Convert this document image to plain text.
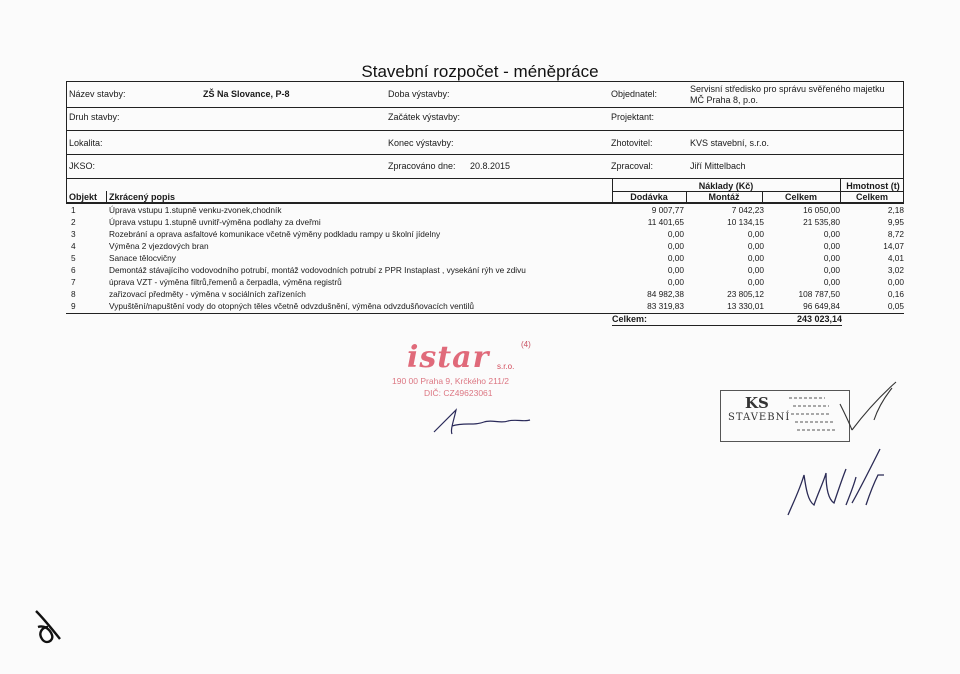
Stavební rozpočet - méněpráce
Název stavby:	ZŠ Na Slovance, P-8	Doba výstavby:	Objednatel:	Servisní středisko pro správu svěřeného majetku
MČ Praha 8, p.o.
Druh stavby:	Začátek výstavby:	Projektant:
Lokalita:	Konec výstavby:	Zhotovitel:	KVS stavební, s.r.o.
JKSO:	Zpracováno dne: 20.8.2015	Zpracoval:	Jiří Mittelbach
Náklady (Kč)	Hmotnost (t)
Objekt Zkrácený popis	Dodávka	Montáž	Celkem	Celkem
1	Úprava vstupu 1.stupně venku-zvonek,chodník	9 007,77	7 042,23	16 050,00	2,18
2	Úprava vstupu 1.stupně uvnitř-výměna podlahy za dveřmi	11 401,65	10 134,15	21 535,80	9,95
3	Rozebrání a oprava asfaltové komunikace včetně výměny podkladu rampy u školní jídelny	0,00	0,00	0,00	8,72
4	Výměna 2 vjezdových bran	0,00	0,00	0,00	14,07
5	Sanace tělocvičny	0,00	0,00	0,00	4,01
6	Demontáž stávajícího vodovodního potrubí, montáž vodovodních potrubí z PPR Instaplast , vysekání rýh ve zdivu	0,00	0,00	0,00	3,02
7	úprava VZT - výměna filtrů,řemenů a čerpadla, výměna registrů	0,00	0,00	0,00	0,00
8	zařizovací předměty - výměna v sociálních zařízeních	84 982,38	23 805,12	108 787,50	0,16
9	Vypuštění/napuštění vody do otopných těles včetně odvzdušnění, výměna odvzdušňovacích ventilů	83 319,83	13 330,01	96 649,84	0,05
Celkem:	243 023,14
istar s.r.o.
(4)
190 00 Praha 9, Krčkého 211/2
DIČ: CZ49623061
KS
STAVEBNÍ
